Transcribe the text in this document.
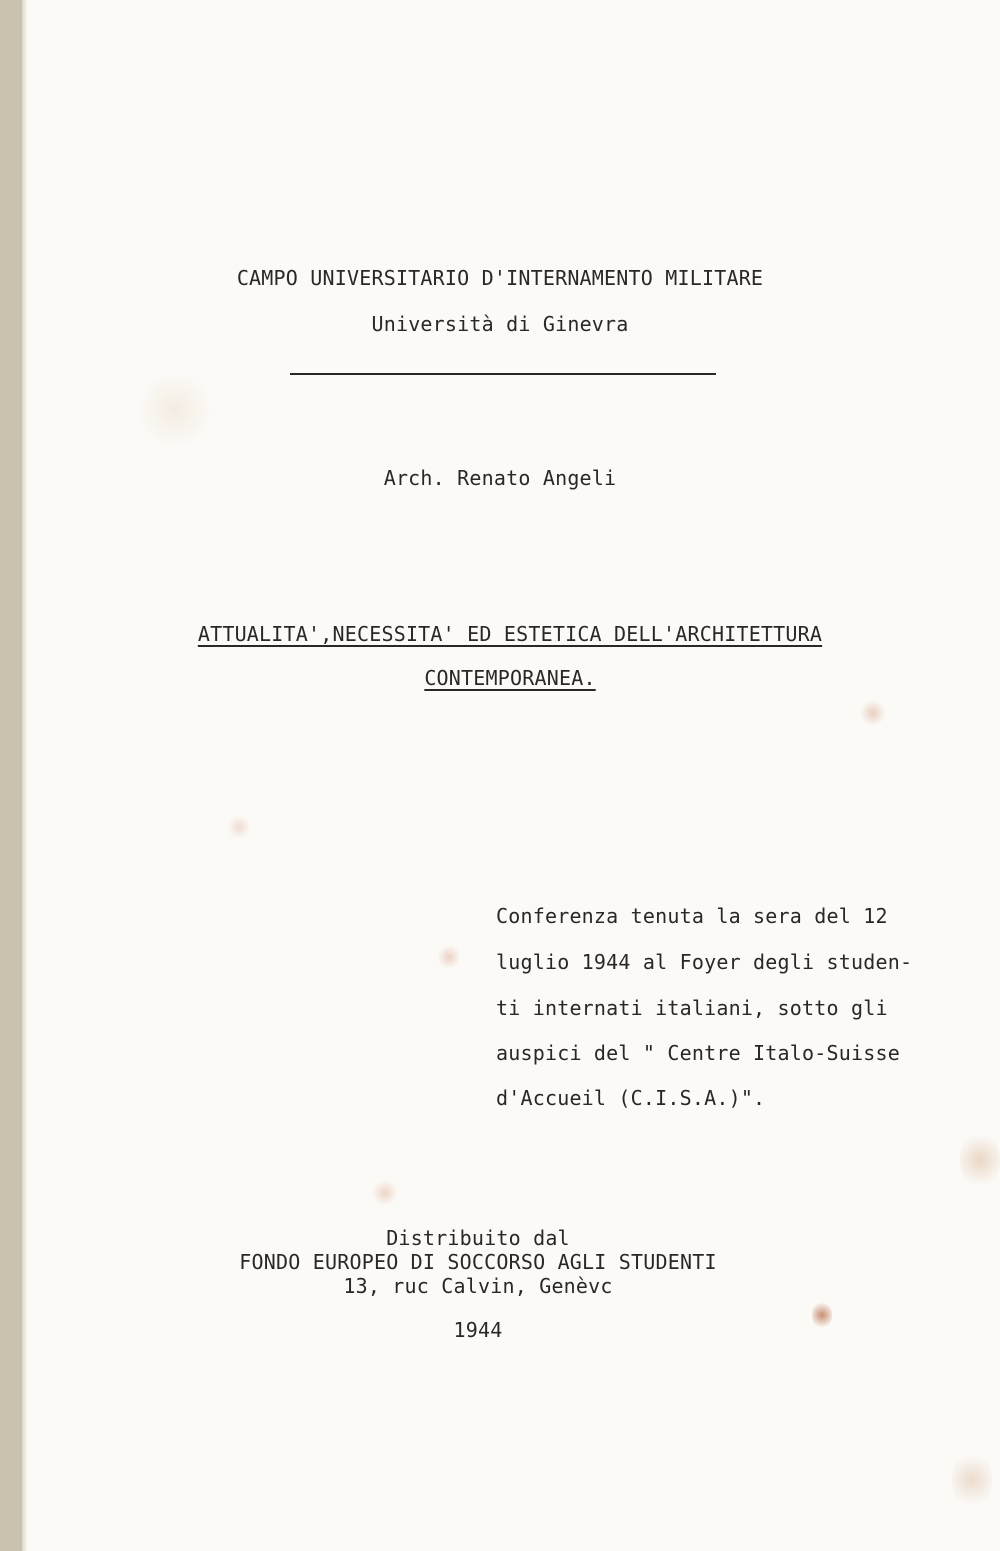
CAMPO UNIVERSITARIO D'INTERNAMENTO MILITARE
Università di Ginevra
Arch. Renato Angeli
ATTUALITA',NECESSITA' ED ESTETICA DELL'ARCHITETTURA
CONTEMPORANEA.
Conferenza tenuta la sera del 12
luglio 1944 al Foyer degli studen-
ti internati italiani, sotto gli
auspici del " Centre Italo-Suisse
d'Accueil (C.I.S.A.)".
Distribuito dal
FONDO EUROPEO DI SOCCORSO AGLI STUDENTI
13, ruc Calvin, Genèvc
1944
